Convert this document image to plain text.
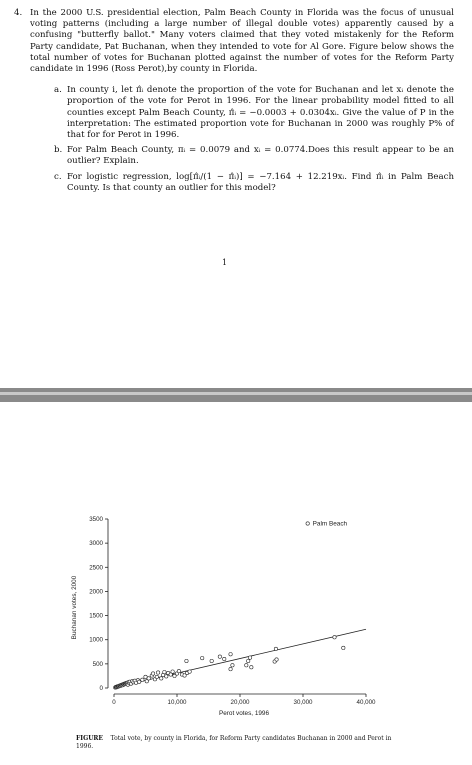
4. In the 2000 U.S. presidential election, Palm Beach County in Florida was the focus of unusual voting patterns (including a large number of illegal double votes) apparently caused by a confusing "butterfly ballot." Many voters claimed that they voted mistakenly for the Reform Party candidate, Pat Buchanan, when they intended to vote for Al Gore. Figure below shows the total number of votes for Buchanan plotted against the number of votes for the Reform Party candidate in 1996 (Ross Perot),by county in Florida.
a. In county i, let π̂ᵢ denote the proportion of the vote for Buchanan and let xᵢ denote the proportion of the vote for Perot in 1996. For the linear probability model fitted to all counties except Palm Beach County, π̂ᵢ = −0.0003 + 0.0304xᵢ. Give the value of P in the interpretation: The estimated proportion vote for Buchanan in 2000 was roughly P% of that for for Perot in 1996.
b. For Palm Beach County, πᵢ = 0.0079 and xᵢ = 0.0774.Does this result appear to be an outlier? Explain.
c. For logistic regression, log[π̂ᵢ/(1 − π̂ᵢ)] = −7.164 + 12.219xᵢ. Find π̂ᵢ in Palm Beach County. Is that county an outlier for this model?
1
0
500
1000
1500
2000
2500
3000
3500
0	10,000	20,000	30,000	40,000
Palm Beach
Perot votes, 1996
Buchanan votes, 2000
FIGURE Total vote, by county in Florida, for Reform Party candidates Buchanan in 2000 and Perot in 1996.
